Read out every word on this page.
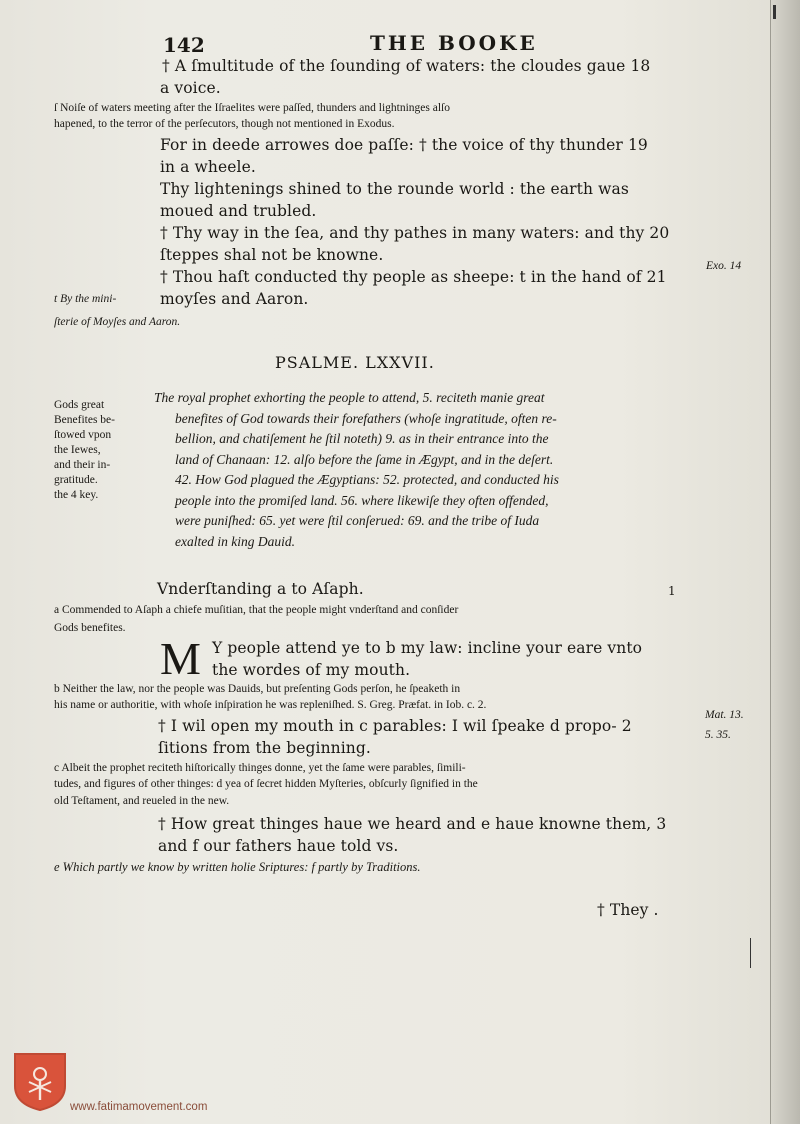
142	THE BOOKE
† A ſmultitude of the ſounding of waters: the cloudes gaue 18
a voice.
ſ Noiſe of waters meeting after the Iſraelites were paſſed, thunders and lightninges alſo
hapened, to the terror of the perſecutors, though not mentioned in Exodus.
For in deede arrowes doe paſſe: † the voice of thy thunder 19
in a wheele.
Thy lightenings shined to the rounde world : the earth was
moued and trubled.
† Thy way in the ſea, and thy pathes in many waters: and thy 20
ſteppes shal not be knowne.
† Thou haſt conducted thy people as sheepe: t in the hand of 21
t By the mini-	moyſes and Aaron.
ſterie of Moyſes and Aaron.
Exo. 14
PSALME. LXXVII.
Gods great
Benefites be-
ſtowed vpon
the Iewes,
and their in-
gratitude.
the 4 key.
The royal prophet exhorting the people to attend, 5. reciteth manie great
benefites of God towards their forefathers (whoſe ingratitude, often re-
bellion, and chatiſement he ſtil noteth) 9. as in their entrance into the
land of Chanaan: 12. alſo before the ſame in Ægypt, and in the deſert.
42. How God plagued the Ægyptians: 52. protected, and conducted his
people into the promiſed land. 56. where likewiſe they often offended,
were puniſhed: 65. yet were ſtil conſerued: 69. and the tribe of Iuda
exalted in king Dauid.
Vnderſtanding a to Aſaph.	1
a Commended to Aſaph a chiefe muſitian, that the people might vnderſtand and conſider
Gods benefites.
M Y people attend ye to b my law: incline your eare vnto
the wordes of my mouth.
b Neither the law, nor the people was Dauids, but preſenting Gods perſon, he ſpeaketh in
his name or authoritie, with whoſe inſpiration he was repleniſhed. S. Greg. Præfat. in Iob. c. 2.
† I wil open my mouth in c parables: I wil ſpeake d propo- 2
ſitions from the beginning.
Mat. 13.
5. 35.
c Albeit the prophet reciteth hiſtorically thinges donne, yet the ſame were parables, ſimili-
tudes, and figures of other thinges: d yea of ſecret hidden Myſteries, obſcurly ſignified in the
old Teſtament, and reueled in the new.
† How great thinges haue we heard and e haue knowne them, 3
and f our fathers haue told vs.
e Which partly we know by written holie Sriptures: f partly by Traditions.
† They .
www.fatimamovement.com
